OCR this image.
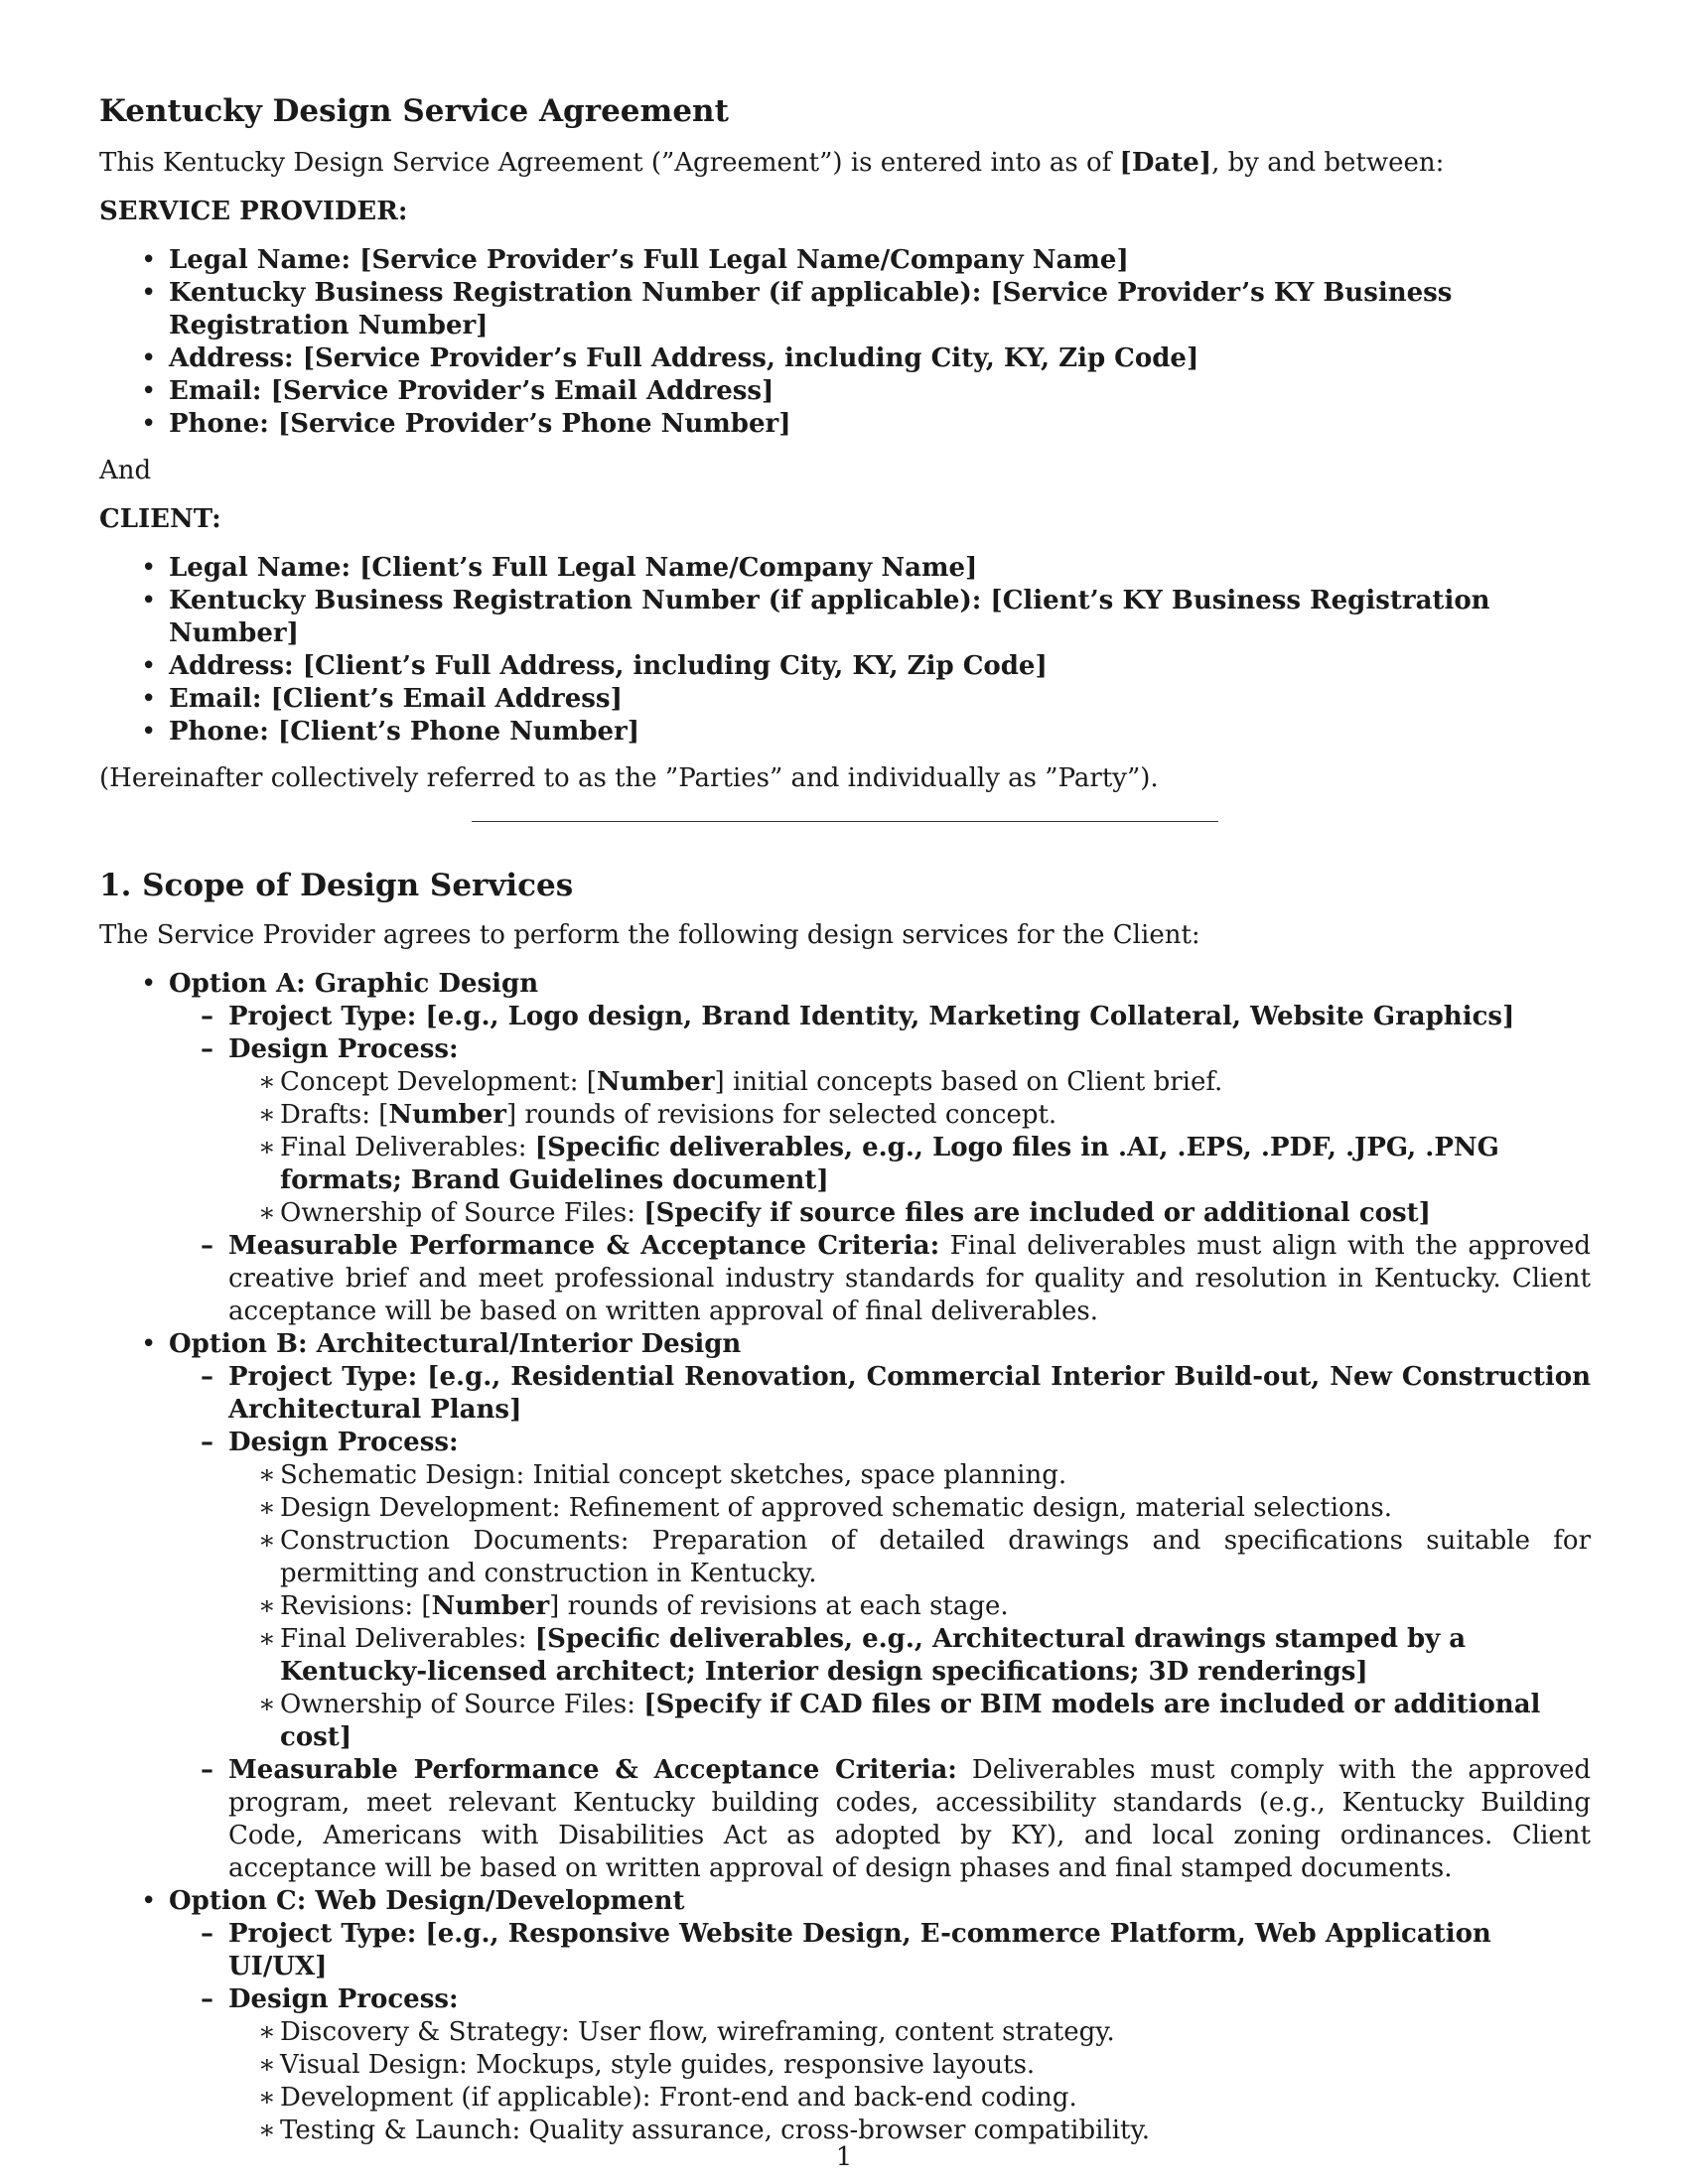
Kentucky Design Service Agreement

This Kentucky Design Service Agreement (”Agreement”) is entered into as of [Date], by and between:

SERVICE PROVIDER:

• Legal Name: [Service Provider’s Full Legal Name/Company Name]
• Kentucky Business Registration Number (if applicable): [Service Provider’s KY Business Registration Number]
• Address: [Service Provider’s Full Address, including City, KY, Zip Code]
• Email: [Service Provider’s Email Address]
• Phone: [Service Provider’s Phone Number]

And

CLIENT:

• Legal Name: [Client’s Full Legal Name/Company Name]
• Kentucky Business Registration Number (if applicable): [Client’s KY Business Registration Number]
• Address: [Client’s Full Address, including City, KY, Zip Code]
• Email: [Client’s Email Address]
• Phone: [Client’s Phone Number]

(Hereinafter collectively referred to as the ”Parties” and individually as ”Party”).

1. Scope of Design Services

The Service Provider agrees to perform the following design services for the Client:

• Option A: Graphic Design
– Project Type: [e.g., Logo design, Brand Identity, Marketing Collateral, Website Graphics]
– Design Process:
∗ Concept Development: [Number] initial concepts based on Client brief.
∗ Drafts: [Number] rounds of revisions for selected concept.
∗ Final Deliverables: [Specific deliverables, e.g., Logo files in .AI, .EPS, .PDF, .JPG, .PNG formats; Brand Guidelines document]
∗ Ownership of Source Files: [Specify if source files are included or additional cost]
– Measurable Performance & Acceptance Criteria: Final deliverables must align with the approved creative brief and meet professional industry standards for quality and resolution in Kentucky. Client acceptance will be based on written approval of final deliverables.
• Option B: Architectural/Interior Design
– Project Type: [e.g., Residential Renovation, Commercial Interior Build-out, New Construction Architectural Plans]
– Design Process:
∗ Schematic Design: Initial concept sketches, space planning.
∗ Design Development: Refinement of approved schematic design, material selections.
∗ Construction Documents: Preparation of detailed drawings and specifications suitable for permitting and construction in Kentucky.
∗ Revisions: [Number] rounds of revisions at each stage.
∗ Final Deliverables: [Specific deliverables, e.g., Architectural drawings stamped by a Kentucky-licensed architect; Interior design specifications; 3D renderings]
∗ Ownership of Source Files: [Specify if CAD files or BIM models are included or additional cost]
– Measurable Performance & Acceptance Criteria: Deliverables must comply with the approved program, meet relevant Kentucky building codes, accessibility standards (e.g., Kentucky Building Code, Americans with Disabilities Act as adopted by KY), and local zoning ordinances. Client acceptance will be based on written approval of design phases and final stamped documents.
• Option C: Web Design/Development
– Project Type: [e.g., Responsive Website Design, E-commerce Platform, Web Application UI/UX]
– Design Process:
∗ Discovery & Strategy: User flow, wireframing, content strategy.
∗ Visual Design: Mockups, style guides, responsive layouts.
∗ Development (if applicable): Front-end and back-end coding.
∗ Testing & Launch: Quality assurance, cross-browser compatibility.
1
